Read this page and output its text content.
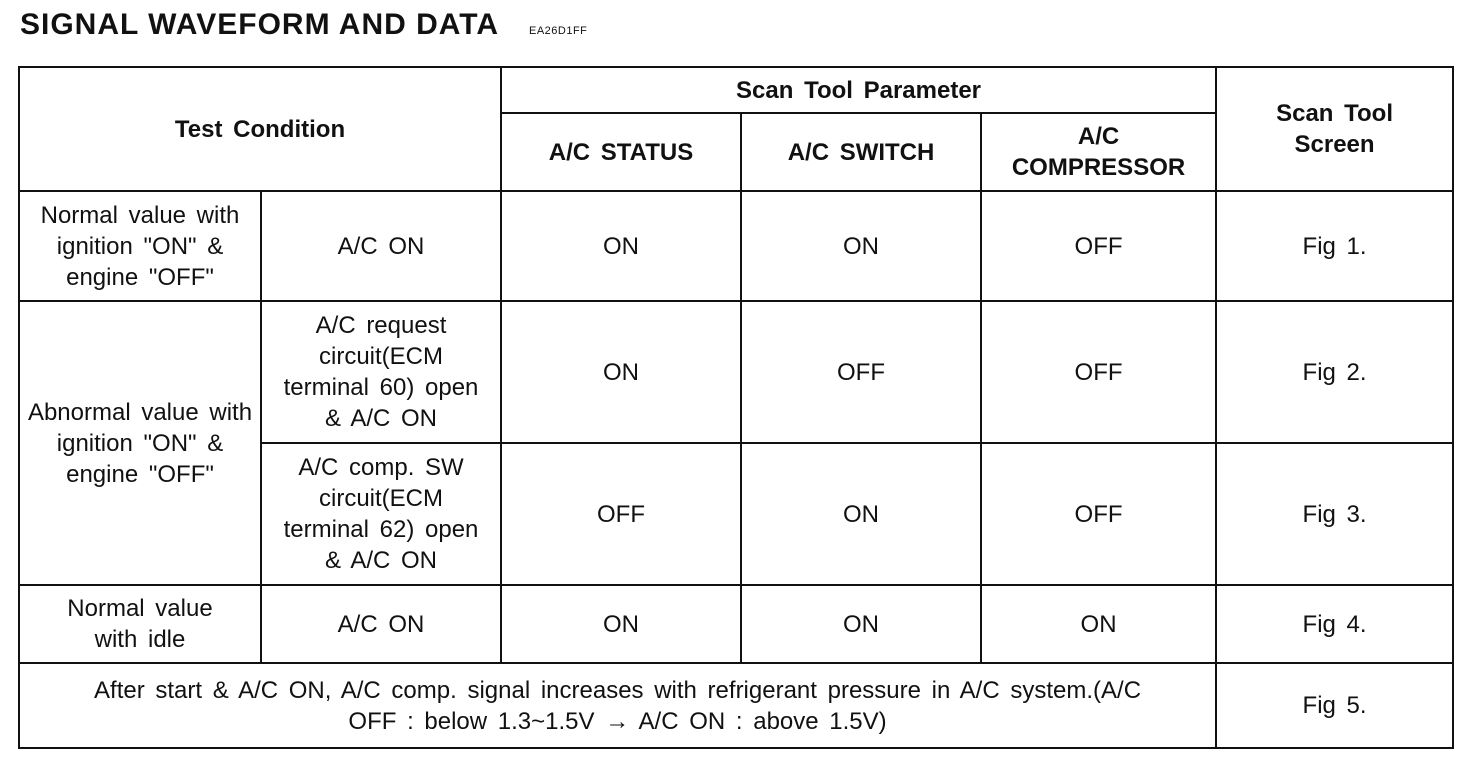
SIGNAL WAVEFORM AND DATA	EA26D1FF
Test Condition		Scan Tool Parameter			Scan Tool Screen
		A/C STATUS	A/C SWITCH	A/C COMPRESSOR	
Normal value with ignition "ON" & engine "OFF"	A/C ON	ON	ON	OFF	Fig 1.
Abnormal value with ignition "ON" & engine "OFF"	A/C request circuit(ECM terminal 60) open & A/C ON	ON	OFF	OFF	Fig 2.
	A/C comp. SW circuit(ECM terminal 62) open & A/C ON	OFF	ON	OFF	Fig 3.
Normal value with idle	A/C ON	ON	ON	ON	Fig 4.
After start & A/C ON, A/C comp. signal increases with refrigerant pressure in A/C system.(A/C OFF : below 1.3~1.5V → A/C ON : above 1.5V)					Fig 5.
